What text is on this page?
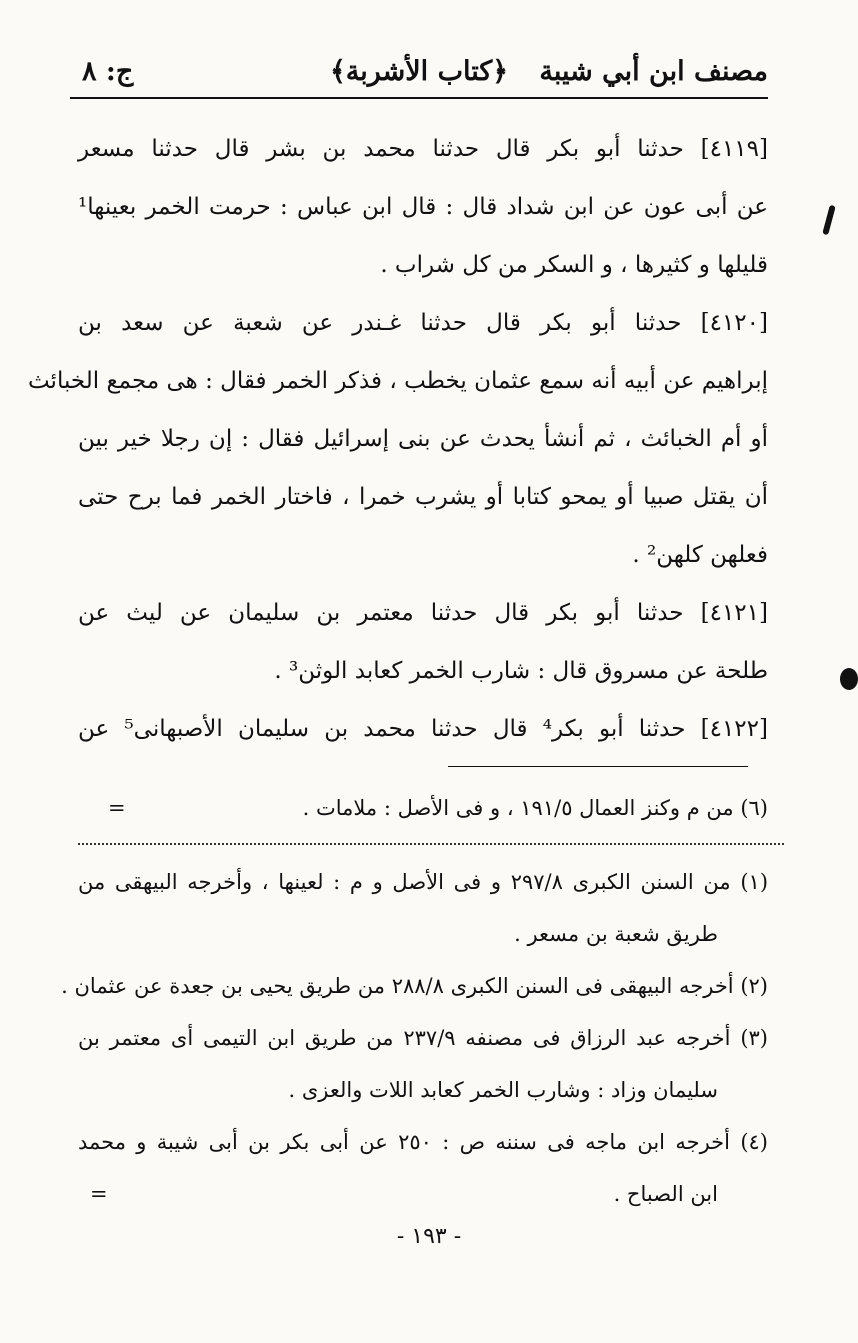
مصنف ابن أبي شيبة
﴿كتاب الأشربة﴾
ج: ٨
[٤١١٩] حدثنا أبو بكر قال حدثنا محمد بن بشر قال حدثنا مسعر
عن أبى عون عن ابن شداد قال : قال ابن عباس : حرمت الخمر بعينها¹
قليلها و كثيرها ، و السكر من كل شراب .
[٤١٢٠] حدثنا أبو بكر قال حدثنا غـندر عن شعبة عن سعد بن
إبراهيم عن أبيه أنه سمع عثمان يخطب ، فذكر الخمر فقال : هى مجمع الخبائث
أو أم الخبائث ، ثم أنشأ يحدث عن بنى إسرائيل فقال : إن رجلا خير بين
أن يقتل صبيا أو يمحو كتابا أو يشرب خمرا ، فاختار الخمر فما برح حتى
فعلهن كلهن² .
[٤١٢١] حدثنا أبو بكر قال حدثنا معتمر بن سليمان عن ليث عن
طلحة عن مسروق قال : شارب الخمر كعابد الوثن³ .
[٤١٢٢] حدثنا أبو بكر⁴ قال حدثنا محمد بن سليمان الأصبهانى⁵ عن
(٦) من م وكنز العمال ١٩١/٥ ، و فى الأصل : ملامات .
=
(١) من السنن الكبرى ٢٩٧/٨ و فى الأصل و م : لعينها ، وأخرجه البيهقى من
طريق شعبة بن مسعر .
(٢) أخرجه البيهقى فى السنن الكبرى ٢٨٨/٨ من طريق يحيى بن جعدة عن عثمان .
(٣) أخرجه عبد الرزاق فى مصنفه ٢٣٧/٩ من طريق ابن التيمى أى معتمر بن
سليمان وزاد : وشارب الخمر كعابد اللات والعزى .
(٤) أخرجه ابن ماجه فى سننه ص : ٢٥٠ عن أبى بكر بن أبى شيبة و محمد
ابن الصباح .
=
- ١٩٣ -
